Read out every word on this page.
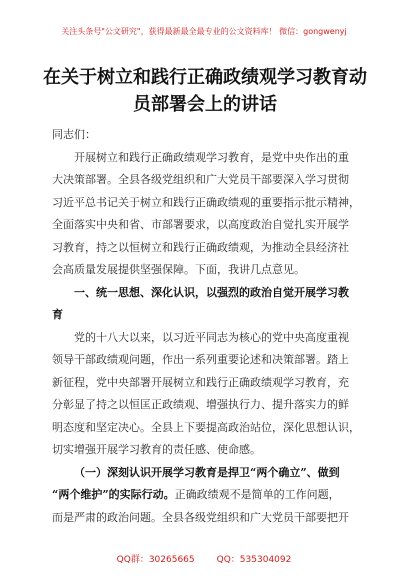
关注头条号"公文研究"，获得最新最全最专业的公文资料库！ 微信：gongwenyj
在关于树立和践行正确政绩观学习教育动
员部署会上的讲话
同志们：
开展树立和践行正确政绩观学习教育，是党中央作出的重
大决策部署。全县各级党组织和广大党员干部要深入学习贯彻
习近平总书记关于树立和践行正确政绩观的重要指示批示精神，
全面落实中央和省、市部署要求，以高度政治自觉扎实开展学
习教育，持之以恒树立和践行正确政绩观，为推动全县经济社
会高质量发展提供坚强保障。下面，我讲几点意见。
一、统一思想、深化认识，以强烈的政治自觉开展学习教
育
党的十八大以来，以习近平同志为核心的党中央高度重视
领导干部政绩观问题，作出一系列重要论述和决策部署。踏上
新征程，党中央部署开展树立和践行正确政绩观学习教育，充
分彰显了持之以恒匡正政绩观、增强执行力、提升落实力的鲜
明态度和坚定决心。全县上下要提高政治站位，深化思想认识，
切实增强开展学习教育的责任感、使命感。
（一）深刻认识开展学习教育是捍卫“两个确立”、做到
“两个维护”的实际行动。正确政绩观不是简单的工作问题，
而是严肃的政治问题。全县各级党组织和广大党员干部要把开
QQ群：30265665 QQ：535304092
